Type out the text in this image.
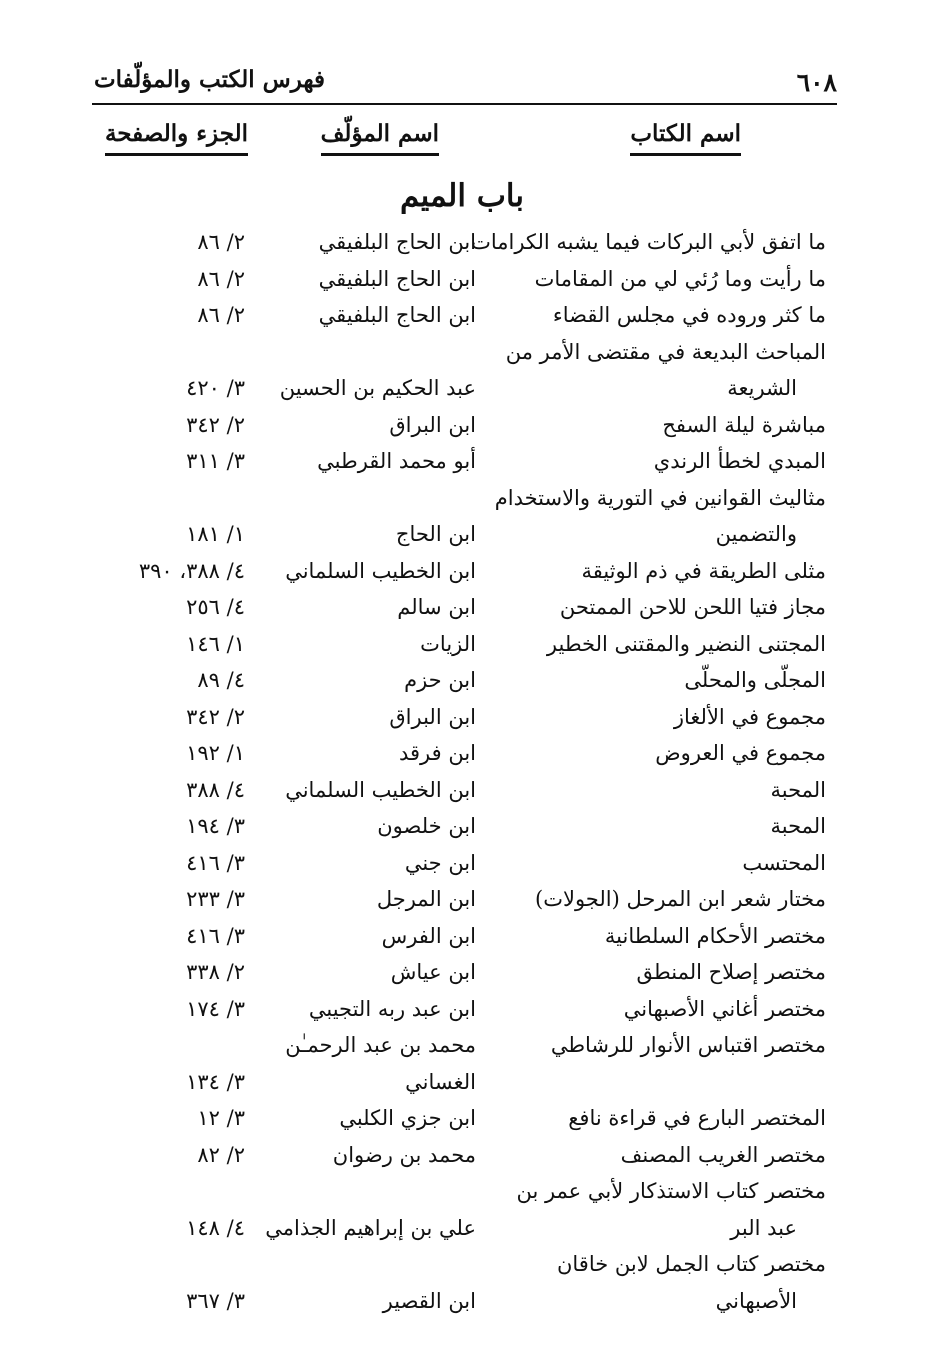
٦٠٨
فهرس الكتب والمؤلّفات
اسم الكتاب
اسم المؤلّف
الجزء والصفحة
باب الميم
ما اتفق لأبي البركات فيما يشبه الكرامات
ابن الحاج البلفيقي
٢/ ٨٦
ما رأيت وما رُئي لي من المقامات
ابن الحاج البلفيقي
٢/ ٨٦
ما كثر وروده في مجلس القضاء
ابن الحاج البلفيقي
٢/ ٨٦
المباحث البديعة في مقتضى الأمر من
الشريعة
عبد الحكيم بن الحسين
٣/ ٤٢٠
مباشرة ليلة السفح
ابن البراق
٢/ ٣٤٢
المبدي لخطأ الرندي
أبو محمد القرطبي
٣/ ٣١١
مثاليث القوانين في التورية والاستخدام
والتضمين
ابن الحاج
١/ ١٨١
مثلى الطريقة في ذم الوثيقة
ابن الخطيب السلماني
٤/ ٣٨٨، ٣٩٠
مجاز فتيا اللحن للاحن الممتحن
ابن سالم
٤/ ٢٥٦
المجتنى النضير والمقتنى الخطير
الزيات
١/ ١٤٦
المجلّى والمحلّى
ابن حزم
٤/ ٨٩
مجموع في الألغاز
ابن البراق
٢/ ٣٤٢
مجموع في العروض
ابن فرقد
١/ ١٩٢
المحبة
ابن الخطيب السلماني
٤/ ٣٨٨
المحبة
ابن خلصون
٣/ ١٩٤
المحتسب
ابن جني
٣/ ٤١٦
مختار شعر ابن المرحل (الجولات)
ابن المرجل
٣/ ٢٣٣
مختصر الأحكام السلطانية
ابن الفرس
٣/ ٤١٦
مختصر إصلاح المنطق
ابن عياش
٢/ ٣٣٨
مختصر أغاني الأصبهاني
ابن عبد ربه التجيبي
٣/ ١٧٤
مختصر اقتباس الأنوار للرشاطي
محمد بن عبد الرحمـٰن
الغساني
٣/ ١٣٤
المختصر البارع في قراءة نافع
ابن جزي الكلبي
٣/ ١٢
مختصر الغريب المصنف
محمد بن رضوان
٢/ ٨٢
مختصر كتاب الاستذكار لأبي عمر بن
عبد البر
علي بن إبراهيم الجذامي
٤/ ١٤٨
مختصر كتاب الجمل لابن خاقان
الأصبهاني
ابن القصير
٣/ ٣٦٧
